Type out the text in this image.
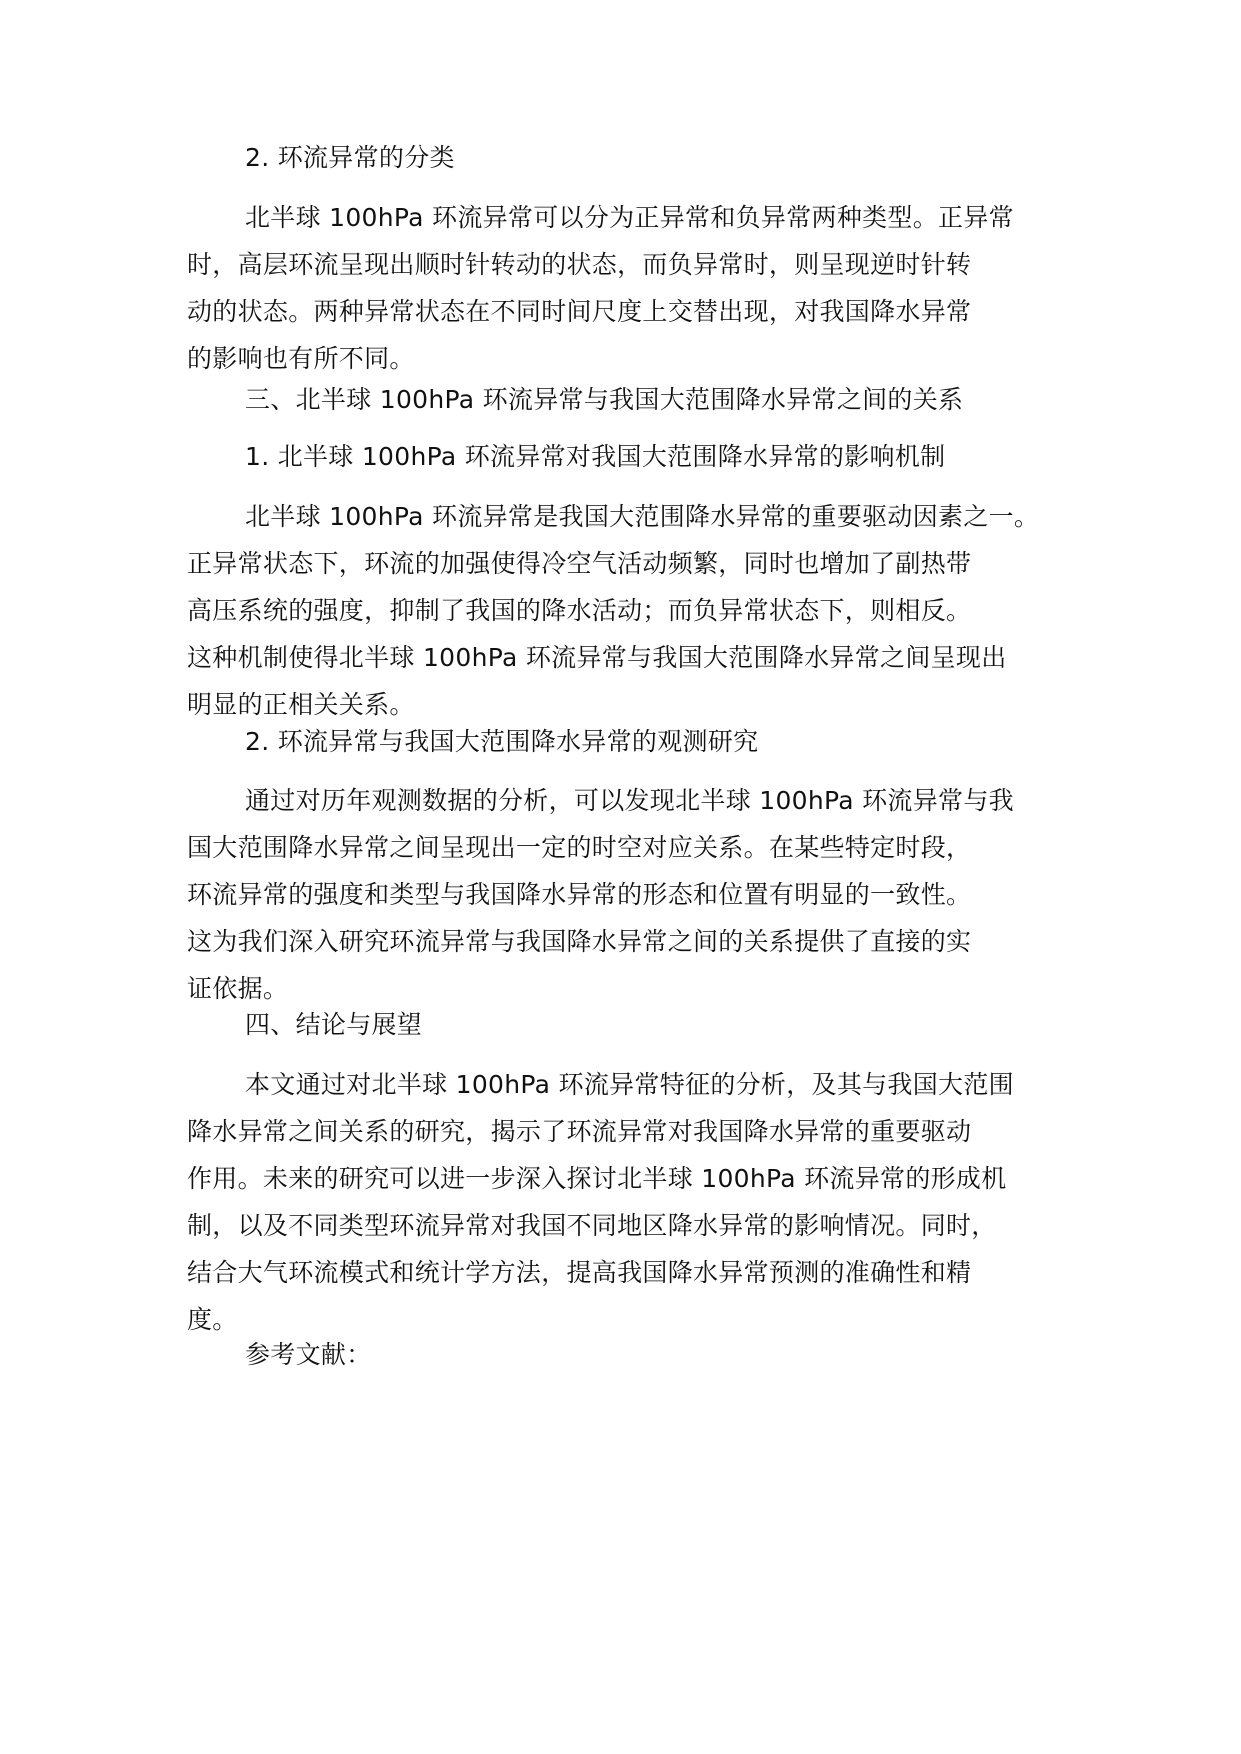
2. 环流异常的分类
北半球 100hPa 环流异常可以分为正异常和负异常两种类型。正异常
时，高层环流呈现出顺时针转动的状态，而负异常时，则呈现逆时针转
动的状态。两种异常状态在不同时间尺度上交替出现，对我国降水异常
的影响也有所不同。
三、北半球 100hPa 环流异常与我国大范围降水异常之间的关系
1. 北半球 100hPa 环流异常对我国大范围降水异常的影响机制
北半球 100hPa 环流异常是我国大范围降水异常的重要驱动因素之一。
正异常状态下，环流的加强使得冷空气活动频繁，同时也增加了副热带
高压系统的强度，抑制了我国的降水活动；而负异常状态下，则相反。
这种机制使得北半球 100hPa 环流异常与我国大范围降水异常之间呈现出
明显的正相关关系。
2. 环流异常与我国大范围降水异常的观测研究
通过对历年观测数据的分析，可以发现北半球 100hPa 环流异常与我
国大范围降水异常之间呈现出一定的时空对应关系。在某些特定时段，
环流异常的强度和类型与我国降水异常的形态和位置有明显的一致性。
这为我们深入研究环流异常与我国降水异常之间的关系提供了直接的实
证依据。
四、结论与展望
本文通过对北半球 100hPa 环流异常特征的分析，及其与我国大范围
降水异常之间关系的研究，揭示了环流异常对我国降水异常的重要驱动
作用。未来的研究可以进一步深入探讨北半球 100hPa 环流异常的形成机
制，以及不同类型环流异常对我国不同地区降水异常的影响情况。同时，
结合大气环流模式和统计学方法，提高我国降水异常预测的准确性和精
度。
参考文献：
